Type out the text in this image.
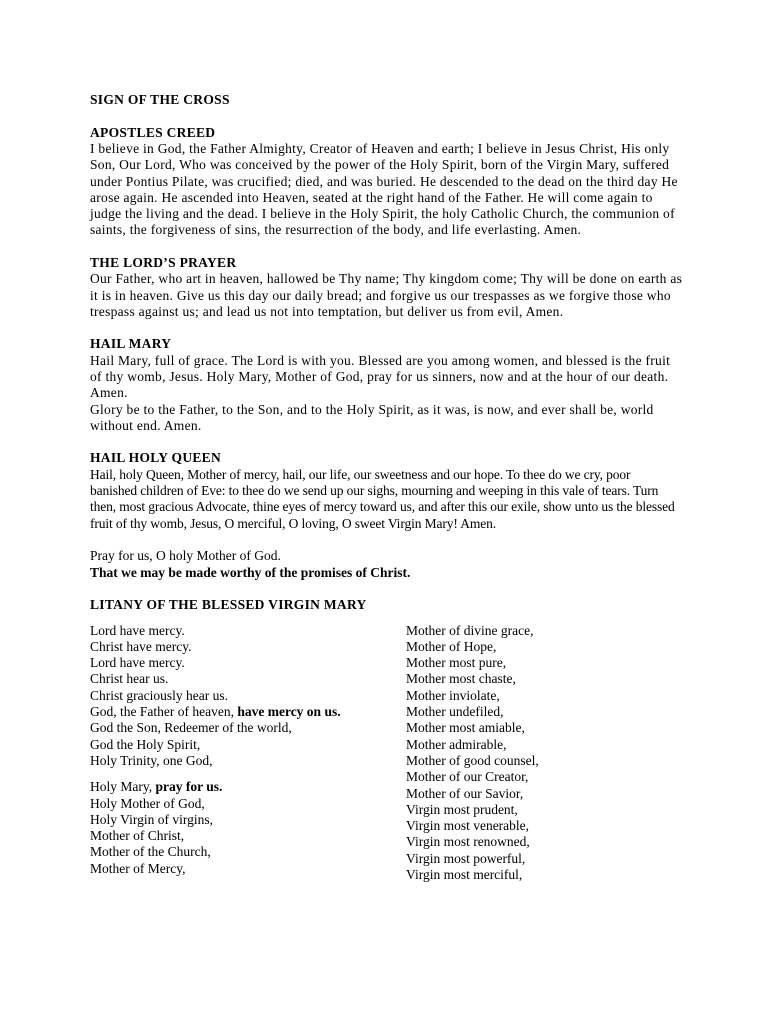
SIGN OF THE CROSS

APOSTLES CREED

I believe in God, the Father Almighty, Creator of Heaven and earth; I believe in Jesus Christ, His only Son, Our Lord, Who was conceived by the power of the Holy Spirit, born of the Virgin Mary, suffered under Pontius Pilate, was crucified; died, and was buried. He descended to the dead on the third day He arose again. He ascended into Heaven, seated at the right hand of the Father. He will come again to judge the living and the dead. I believe in the Holy Spirit, the holy Catholic Church, the communion of saints, the forgiveness of sins, the resurrection of the body, and life everlasting. Amen.

THE LORD’S PRAYER

Our Father, who art in heaven, hallowed be Thy name; Thy kingdom come; Thy will be done on earth as it is in heaven. Give us this day our daily bread; and forgive us our trespasses as we forgive those who trespass against us; and lead us not into temptation, but deliver us from evil, Amen.

HAIL MARY

Hail Mary, full of grace. The Lord is with you. Blessed are you among women, and blessed is the fruit of thy womb, Jesus. Holy Mary, Mother of God, pray for us sinners, now and at the hour of our death. Amen.

Glory be to the Father, to the Son, and to the Holy Spirit, as it was, is now, and ever shall be, world without end. Amen.

HAIL HOLY QUEEN

Hail, holy Queen, Mother of mercy, hail, our life, our sweetness and our hope. To thee do we cry, poor banished children of Eve: to thee do we send up our sighs, mourning and weeping in this vale of tears. Turn then, most gracious Advocate, thine eyes of mercy toward us, and after this our exile, show unto us the blessed fruit of thy womb, Jesus, O merciful, O loving, O sweet Virgin Mary! Amen.

Pray for us, O holy Mother of God.
That we may be made worthy of the promises of Christ.

LITANY OF THE BLESSED VIRGIN MARY

Lord have mercy.
Christ have mercy.
Lord have mercy.
Christ hear us.
Christ graciously hear us.
God, the Father of heaven, have mercy on us.
God the Son, Redeemer of the world,
God the Holy Spirit,
Holy Trinity, one God,
Holy Mary, pray for us.
Holy Mother of God,
Holy Virgin of virgins,
Mother of Christ,
Mother of the Church,
Mother of Mercy,
Mother of divine grace,
Mother of Hope,
Mother most pure,
Mother most chaste,
Mother inviolate,
Mother undefiled,
Mother most amiable,
Mother admirable,
Mother of good counsel,
Mother of our Creator,
Mother of our Savior,
Virgin most prudent,
Virgin most venerable,
Virgin most renowned,
Virgin most powerful,
Virgin most merciful,
